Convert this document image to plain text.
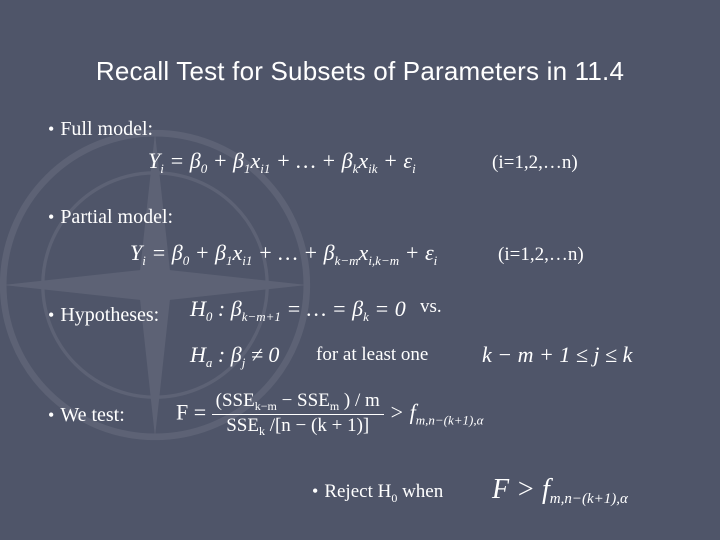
Recall Test for Subsets of Parameters in 11.4
• Full model:
$Y_i = \beta_0 + \beta_1x_{i1}$ + … + $\beta_kx_{ik} + \varepsilon_i$	(i=1,2,…n)
• Partial model:
$Y_i = \beta_0 + \beta_1x_{i1}$ + … + $\beta_{k-m}x_{i,k-m} + \varepsilon_i$	(i=1,2,…n)
• Hypotheses: $H_0$ : $\beta_{k-m+1}$ = … = $\beta_k = 0$ vs.
$H_a$ : $\beta_j \ne 0$ for at least one k − m + 1 ≤ j ≤ k
• We test: $F = \frac{(SSE_{k-m} - SSE_m ) / m}{SSE_k /[n - (k + 1)]} > f_{m,n-(k+1),\alpha}$
• Reject $H_0$ when $F > f_{m,n-(k+1),\alpha}$
